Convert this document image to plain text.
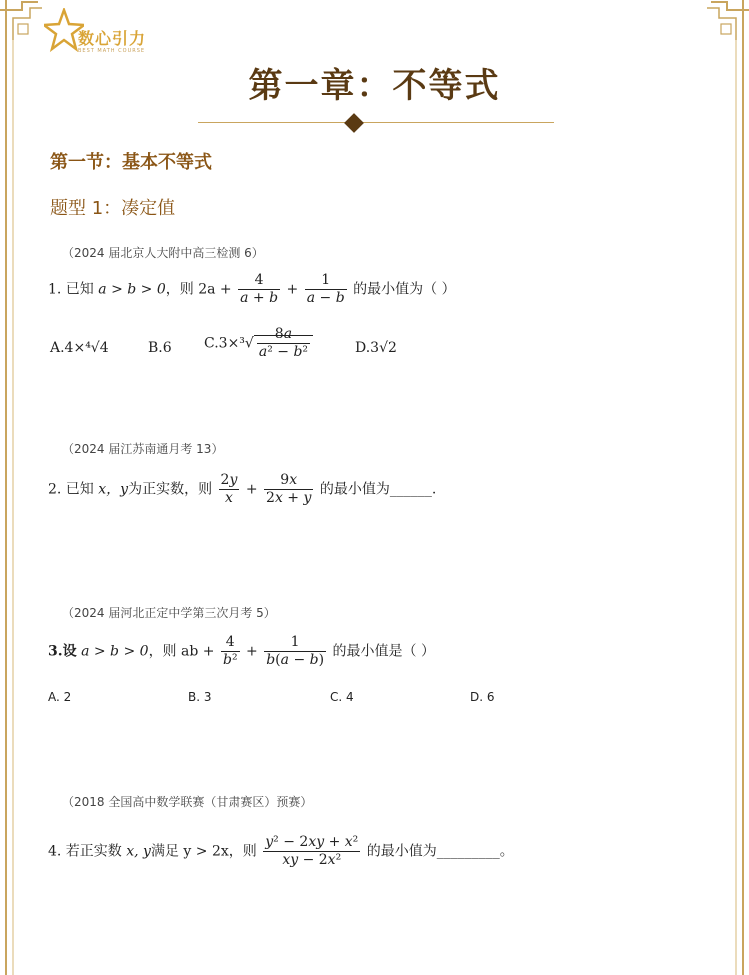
数心引力
BEST MATH COURSE
第一章：不等式
第一节：基本不等式
题型 1：凑定值
（2024 届北京人大附中高三检测 6）
1. 已知 a > b > 0，则 $2a + \frac{4}{a + b} + \frac{1}{a - b}$ 的最小值为（ ）
A.4×⁴√4	B.6 $C.3\times^3√ \frac{8a}{\text{a² − b²}}$	D.3√2
（2024 届江苏南通月考 13）
2. 已知 x，y为正实数，则 $\frac{2y}{x} + \frac{9x}{2x + y}$ 的最小值为______.
（2024 届河北正定中学第三次月考 5）
3.设 a > b > 0，则 ab + $\frac{4}{\text{b²}} + \frac{1}{b(a - b)}$ 的最小值是（ ）
A. 2	B. 3	C. 4	D. 6
（2018 全国高中数学联赛（甘肃赛区）预赛）
4. 若正实数 x, y满足 y > 2x，则 $\frac{\text{y² − 2xy + x²}}{\text{xy − 2x²}}$ 的最小值为_________。
